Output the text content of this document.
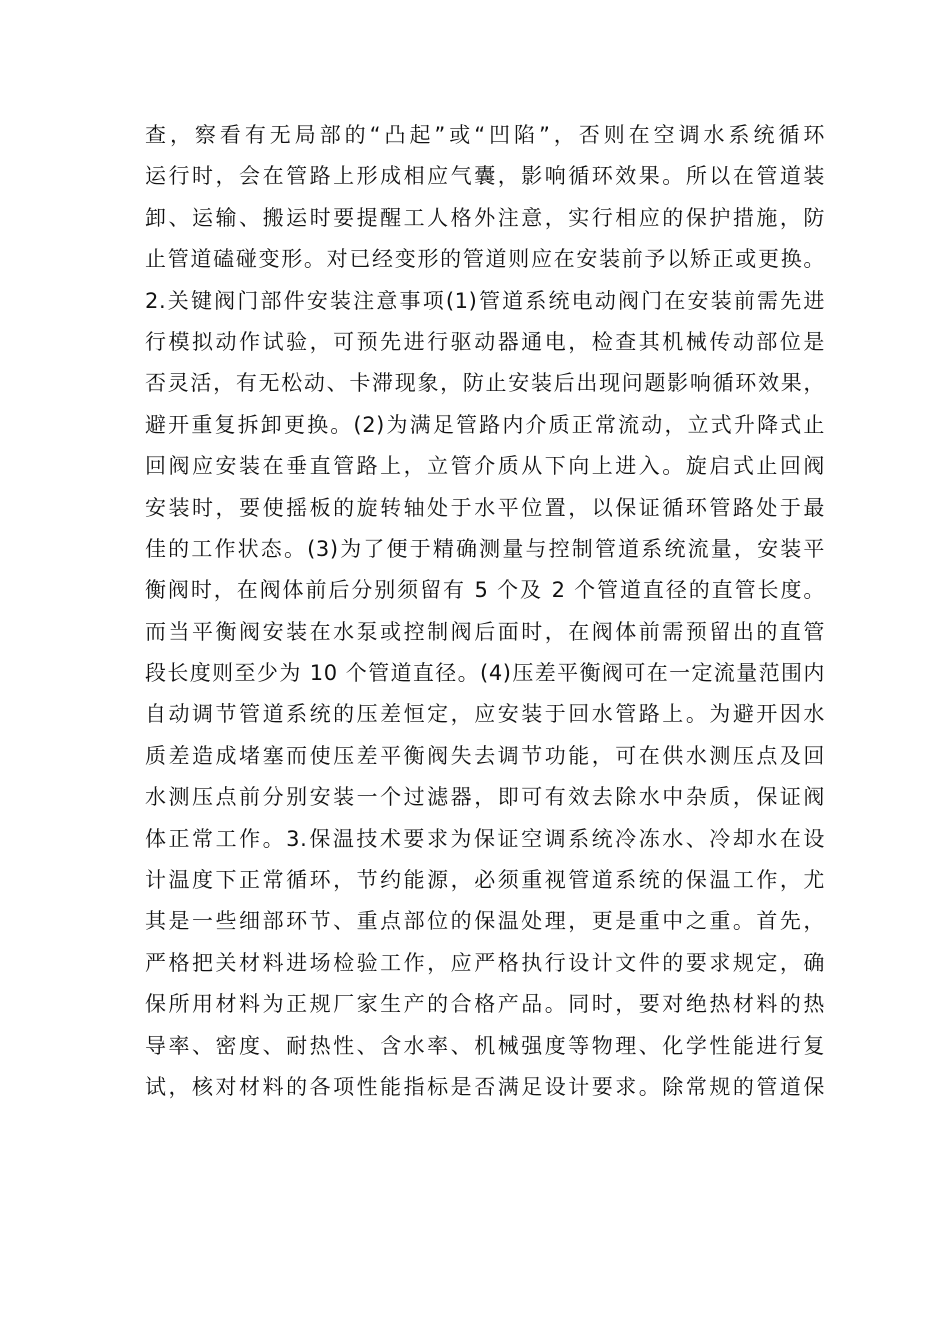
查，察看有无局部的“凸起”或“凹陷”，否则在空调水系统循环
运行时，会在管路上形成相应气囊，影响循环效果。所以在管道装
卸、运输、搬运时要提醒工人格外注意，实行相应的保护措施，防
止管道磕碰变形。对已经变形的管道则应在安装前予以矫正或更换。
2.关键阀门部件安装注意事项(1)管道系统电动阀门在安装前需先进
行模拟动作试验，可预先进行驱动器通电，检查其机械传动部位是
否灵活，有无松动、卡滞现象，防止安装后出现问题影响循环效果，
避开重复拆卸更换。(2)为满足管路内介质正常流动，立式升降式止
回阀应安装在垂直管路上，立管介质从下向上进入。旋启式止回阀
安装时，要使摇板的旋转轴处于水平位置，以保证循环管路处于最
佳的工作状态。(3)为了便于精确测量与控制管道系统流量，安装平
衡阀时，在阀体前后分别须留有 5 个及 2 个管道直径的直管长度。
而当平衡阀安装在水泵或控制阀后面时，在阀体前需预留出的直管
段长度则至少为 10 个管道直径。(4)压差平衡阀可在一定流量范围内
自动调节管道系统的压差恒定，应安装于回水管路上。为避开因水
质差造成堵塞而使压差平衡阀失去调节功能，可在供水测压点及回
水测压点前分别安装一个过滤器，即可有效去除水中杂质，保证阀
体正常工作。3.保温技术要求为保证空调系统冷冻水、冷却水在设
计温度下正常循环，节约能源，必须重视管道系统的保温工作，尤
其是一些细部环节、重点部位的保温处理，更是重中之重。首先，
严格把关材料进场检验工作，应严格执行设计文件的要求规定，确
保所用材料为正规厂家生产的合格产品。同时，要对绝热材料的热
导率、密度、耐热性、含水率、机械强度等物理、化学性能进行复
试，核对材料的各项性能指标是否满足设计要求。除常规的管道保
